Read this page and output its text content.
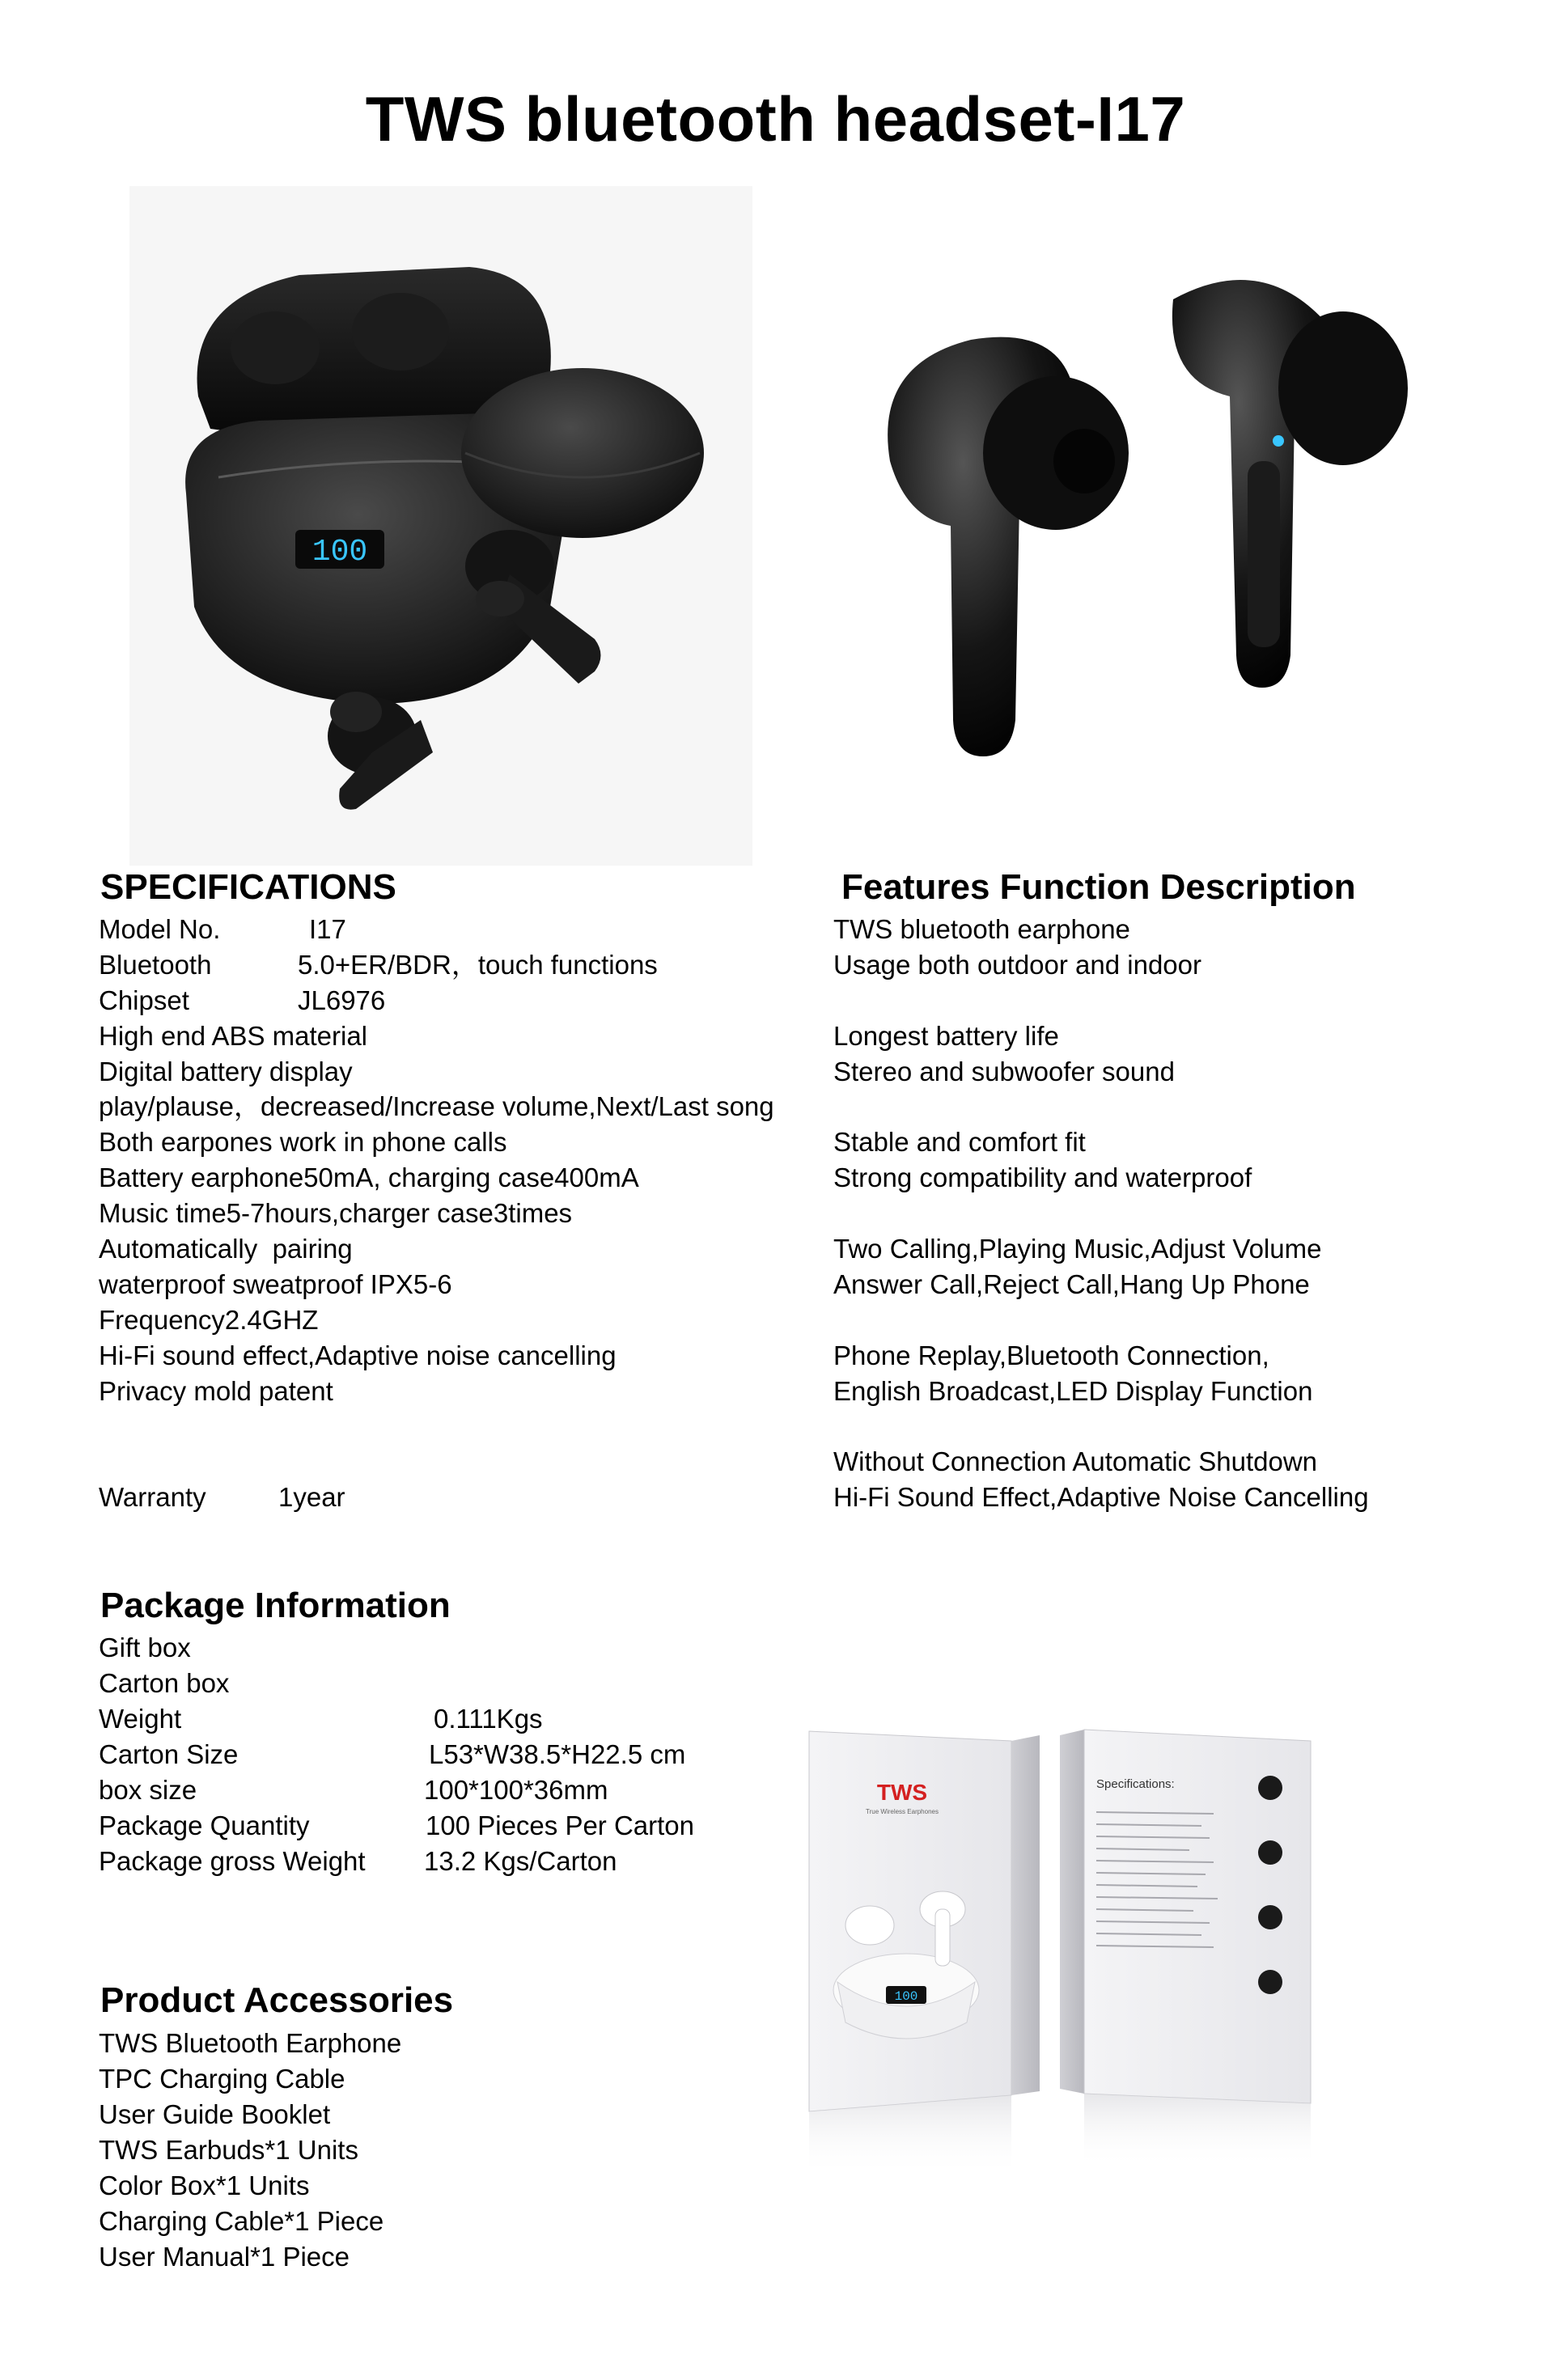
TWS bluetooth headset-I17
100
SPECIFICATIONS
Model No.	I17
Bluetooth	5.0+ER/BDR，touch functions
Chipset	JL6976
High end ABS material
Digital battery display
play/plause，decreased/Increase volume,Next/Last song
Both earpones work in phone calls
Battery earphone50mA, charging case400mA
Music time5-7hours,charger case3times
Automatically  pairing
waterproof sweatproof IPX5-6
Frequency2.4GHZ
Hi-Fi sound effect,Adaptive noise cancelling
Privacy mold patent
Warranty	1year
Features Function Description
TWS bluetooth earphone
Usage both outdoor and indoor
Longest battery life
Stereo and subwoofer sound
Stable and comfort fit
Strong compatibility and waterproof
Two Calling,Playing Music,Adjust Volume
Answer Call,Reject Call,Hang Up Phone
Phone Replay,Bluetooth Connection,
English Broadcast,LED Display Function
Without Connection Automatic Shutdown
Hi-Fi Sound Effect,Adaptive Noise Cancelling
Package Information
Gift box
Carton box
Weight	0.111Kgs
Carton Size	L53*W38.5*H22.5 cm
box size	100*100*36mm
Package Quantity	100 Pieces Per Carton
Package gross Weight 13.2 Kgs/Carton
Product Accessories
TWS Bluetooth Earphone
TPC Charging Cable
User Guide Booklet
TWS Earbuds*1 Units
Color Box*1 Units
Charging Cable*1 Piece
User Manual*1 Piece
TWS
True Wireless Earphones
100
Specifications:
